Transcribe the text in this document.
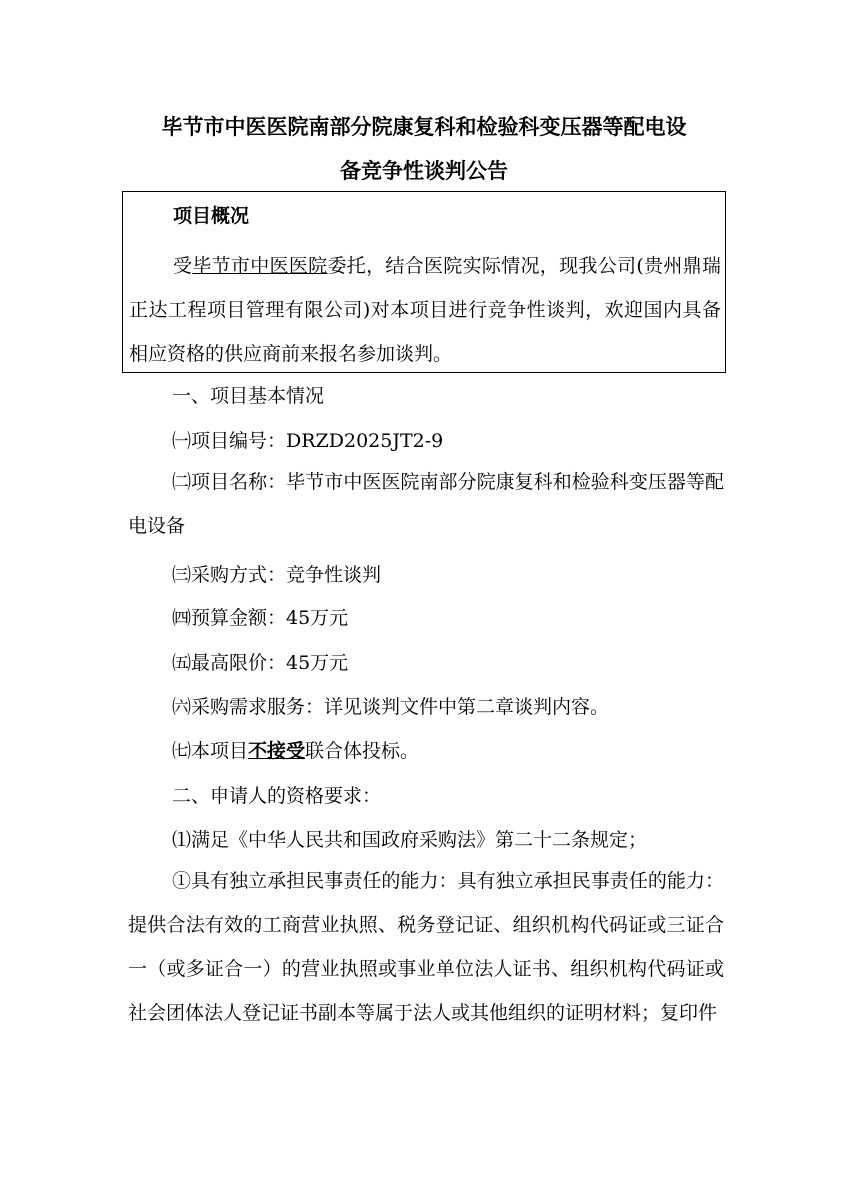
毕节市中医医院南部分院康复科和检验科变压器等配电设
备竞争性谈判公告
项目概况
受毕节市中医医院委托，结合医院实际情况，现我公司(贵州鼎瑞正达工程项目管理有限公司)对本项目进行竞争性谈判，欢迎国内具备相应资格的供应商前来报名参加谈判。
一、项目基本情况
㈠项目编号：DRZD2025JT2-9
㈡项目名称：毕节市中医医院南部分院康复科和检验科变压器等配电设备
㈢采购方式：竞争性谈判
㈣预算金额：45万元
㈤最高限价：45万元
㈥采购需求服务：详见谈判文件中第二章谈判内容。
㈦本项目不接受联合体投标。
二、申请人的资格要求：
⑴满足《中华人民共和国政府采购法》第二十二条规定；
①具有独立承担民事责任的能力：具有独立承担民事责任的能力：提供合法有效的工商营业执照、税务登记证、组织机构代码证或三证合一（或多证合一）的营业执照或事业单位法人证书、组织机构代码证或社会团体法人登记证书副本等属于法人或其他组织的证明材料；复印件
